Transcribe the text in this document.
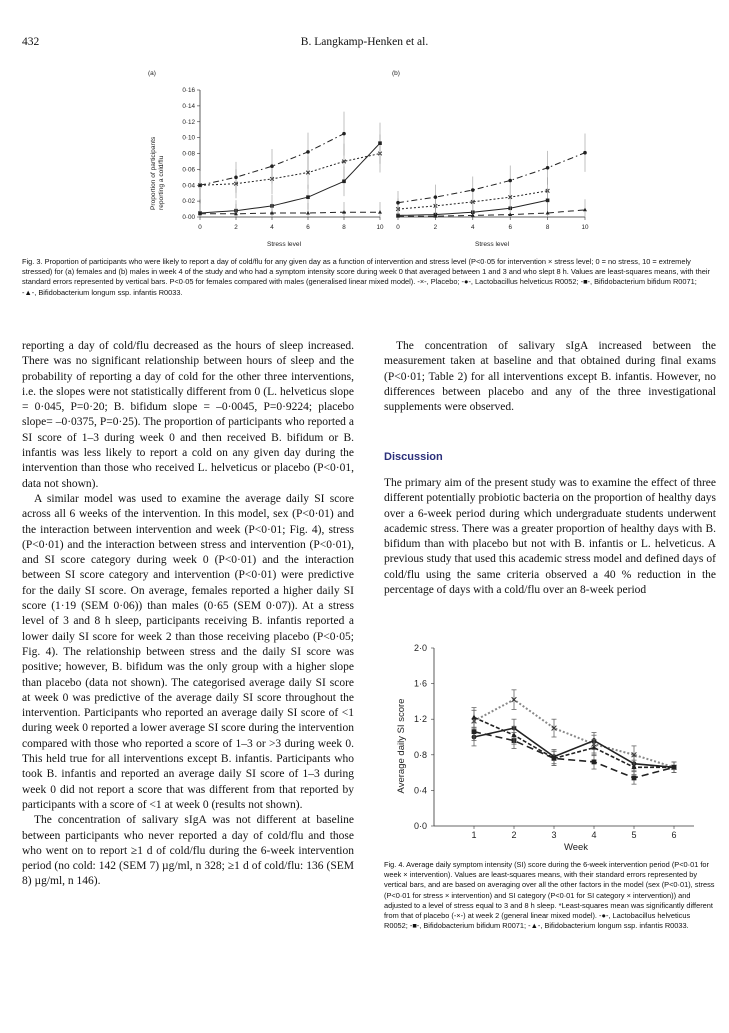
432	B. Langkamp-Henken et al.
(a)	(b)
Proportion of participants reporting a cold/flu
Stress level	Stress level
0·00
0·02
0·04
0·06
0·08
0·10
0·12
0·14
0·16
0	2	4	6	8	10 0	2	4	6	8	10
Fig. 3. Proportion of participants who were likely to report a day of cold/flu for any given day as a function of intervention and stress level (P<0·05 for intervention × stress level; 0 = no stress, 10 = extremely stressed) for (a) females and (b) males in week 4 of the study and who had a symptom intensity score during week 0 that averaged between 1 and 3 and who slept 8 h. Values are least-squares means, with their standard errors represented by vertical bars. P<0·05 for females compared with males (generalised linear mixed model). -×-, Placebo; -●-, Lactobacillus helveticus R0052; -■-, Bifidobacterium bifidum R0071; -▲-, Bifidobacterium longum ssp. infantis R0033.

reporting a day of cold/flu decreased as the hours of sleep increased. There was no significant relationship between hours of sleep and the probability of reporting a day of cold for the other three interventions, i.e. the slopes were not statistically different from 0 (L. helveticus slope = 0·045, P=0·20; B. bifidum slope = –0·0045, P=0·9224; placebo slope= –0·0375, P=0·25). The proportion of participants who reported a SI score of 1–3 during week 0 and then received B. bifidum or B. infantis was less likely to report a cold on any given day during the intervention than those who received L. helveticus or placebo (P<0·01, data not shown).

A similar model was used to examine the average daily SI score across all 6 weeks of the intervention. In this model, sex (P<0·01) and the interaction between intervention and week (P<0·01; Fig. 4), stress (P<0·01) and the interaction between stress and intervention (P<0·01), and SI score category during week 0 (P<0·01) and the interaction between SI score category and intervention (P<0·01) were predictive for the daily SI score. On average, females reported a higher daily SI score (1·19 (SEM 0·06)) than males (0·65 (SEM 0·07)). At a stress level of 3 and 8 h sleep, participants receiving B. infantis reported a lower daily SI score for week 2 than those receiving placebo (P<0·05; Fig. 4). The relationship between stress and the daily SI score was positive; however, B. bifidum was the only group with a higher slope than placebo (data not shown). The categorised average daily SI score at week 0 was predictive of the average daily SI score throughout the intervention. Participants who reported an average daily SI score of <1 during week 0 reported a lower average SI score during the intervention compared with those who reported a score of 1–3 or >3 during week 0. This held true for all interventions except B. infantis. Participants who took B. infantis and reported an average daily SI score of 1–3 during week 0 did not report a score that was different from that reported by participants with a score of <1 at week 0 (results not shown).

The concentration of salivary sIgA was not different at baseline between participants who never reported a day of cold/flu and those who went on to report ≥1 d of cold/flu during the 6-week intervention period (no cold: 142 (SEM 7) µg/ml, n 328; ≥1 d of cold/flu: 136 (SEM 8) µg/ml, n 146).

The concentration of salivary sIgA increased between the measurement taken at baseline and that obtained during final exams (P<0·01; Table 2) for all interventions except B. infantis. However, no differences between placebo and any of the three investigational supplements were observed.

Discussion

The primary aim of the present study was to examine the effect of three different potentially probiotic bacteria on the proportion of healthy days over a 6-week period during which undergraduate students underwent academic stress. There was a greater proportion of healthy days with B. bifidum than with placebo but not with B. infantis or L. helveticus. A previous study that used this academic stress model and defined days of cold/flu using the same criteria observed a 40 % reduction in the percentage of days with a cold/flu over an 8-week period

Average daily SI score
Week
0·0
0·4
0·8
1·2
1·6
2·0
1	2	3	4	5	6
Fig. 4. Average daily symptom intensity (SI) score during the 6-week intervention period (P<0·01 for week × intervention). Values are least-squares means, with their standard errors represented by vertical bars, and are based on averaging over all the other factors in the model (sex (P<0·01), stress (P<0·01 for stress × intervention) and SI category (P<0·01 for SI category × intervention)) and adjusted to a level of stress equal to 3 and 8 h sleep. *Least-squares mean was significantly different from that of placebo (-×-) at week 2 (general linear mixed model). -●-, Lactobacillus helveticus R0052; -■-, Bifidobacterium bifidum R0071; -▲-, Bifidobacterium longum ssp. infantis R0033.
